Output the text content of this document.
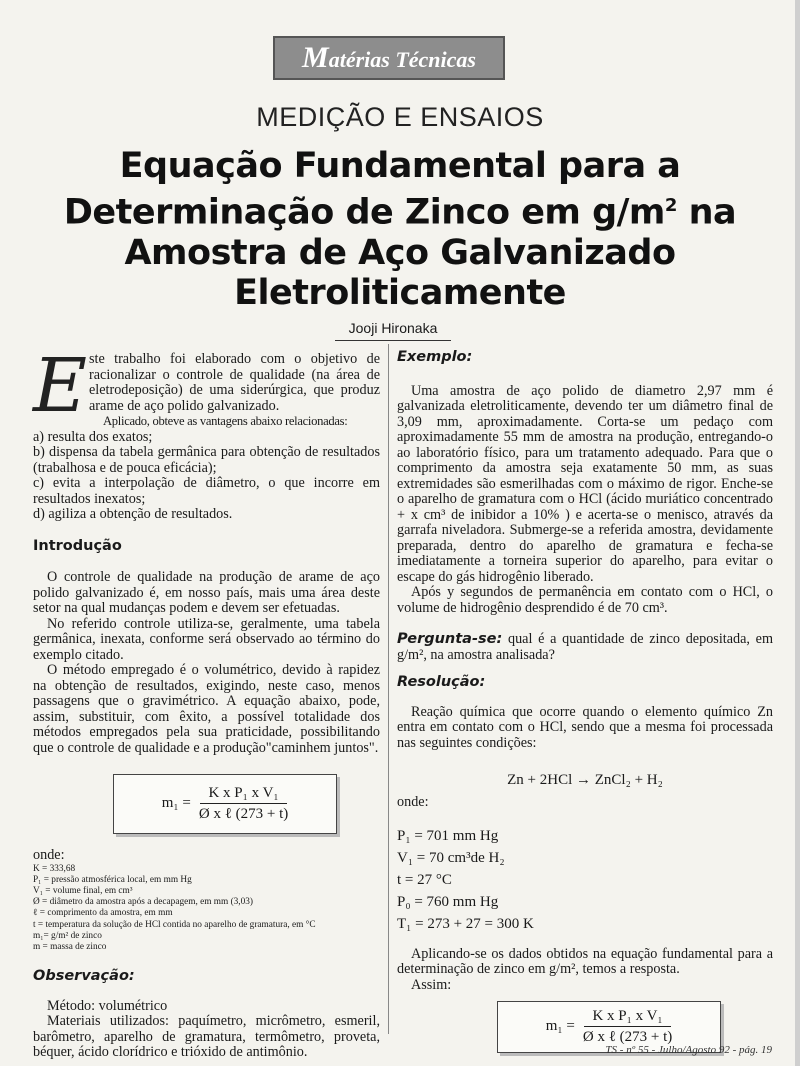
Matérias Técnicas
MEDIÇÃO E ENSAIOS
Equação Fundamental para a
Determinação de Zinco em $g/m^2$ na
Amostra de Aço Galvanizado
Eletroliticamente
Jooji Hironaka
E ste trabalho foi elaborado com o objetivo de racionalizar o controle de qualidade (na área de eletrodeposição) de uma siderúrgica, que produz arame de aço polido galvanizado.

Aplicado, obteve as vantagens abaixo relacionadas:

a) resulta dos exatos;

b) dispensa da tabela germânica para obtenção de resultados (trabalhosa e de pouca eficácia);

c) evita a interpolação de diâmetro, o que incorre em resultados inexatos;

d) agiliza a obtenção de resultados.

Introdução

O controle de qualidade na produção de arame de aço polido galvanizado é, em nosso país, mais uma área deste setor na qual mudanças podem e devem ser efetuadas.

No referido controle utiliza-se, geralmente, uma tabela germânica, inexata, conforme será observado ao término do exemplo citado.

O método empregado é o volumétrico, devido à rapidez na obtenção de resultados, exigindo, neste caso, menos passagens que o gravimétrico. A equação abaixo, pode, assim, substituir, com êxito, a possível totalidade dos métodos empregados pela sua praticidade, possibilitando que o controle de qualidade e a produção"caminhem juntos".

$m_1 = \frac{\text{K x P₁ x V₁}}{\text{Ø x ℓ (273 + t)}}$

onde:

K = 333,68
P₁ = pressão atmosférica local, em mm Hg
V₁ = volume final, em cm³
Ø = diâmetro da amostra após a decapagem, em mm (3,03)
ℓ = comprimento da amostra, em mm
t = temperatura da solução de HCl contida no aparelho de gramatura, em °C
m₁= g/m² de zinco
m = massa de zinco

Observação:

Método: volumétrico

Materiais utilizados: paquímetro, micrômetro, esmeril, barômetro, aparelho de gramatura, termômetro, proveta, béquer, ácido clorídrico e trióxido de antimônio.

Exemplo:

Uma amostra de aço polido de diametro 2,97 mm é galvanizada eletroliticamente, devendo ter um diâmetro final de 3,09 mm, aproximadamente. Corta-se um pedaço com aproximadamente 55 mm de amostra na produção, entregando-o ao laboratório físico, para um tratamento adequado. Para que o comprimento da amostra seja exatamente 50 mm, as suas extremidades são esmerilhadas com o máximo de rigor. Enche-se o aparelho de gramatura com o HCl (ácido muriático concentrado + x cm³ de inibidor a 10% ) e acerta-se o menisco, através da garrafa niveladora. Submerge-se a referida amostra, devidamente preparada, dentro do aparelho de gramatura e fecha-se imediatamente a torneira superior do aparelho, para evitar o escape do gás hidrogênio liberado.

Após y segundos de permanência em contato com o HCl, o volume de hidrogênio desprendido é de 70 cm³.

Pergunta-se: qual é a quantidade de zinco depositada, em g/m², na amostra analisada?

Resolução:

Reação química que ocorre quando o elemento químico Zn entra em contato com o HCl, sendo que a mesma foi processada nas seguintes condições:

Zn + 2HCl → ZnCl₂ + H₂

onde:

P₁ = 701 mm Hg
V₁ = 70 cm³de H₂
t = 27 °C
P₀ = 760 mm Hg
T₁ = 273 + 27 = 300 K

Aplicando-se os dados obtidos na equação fundamental para a determinação de zinco em g/m², temos a resposta.

Assim:

$m_1 = \frac{\text{K x P₁ x V₁}}{\text{Ø x ℓ (273 + t)}}$
TS - nº 55 - Julho/Agosto 92 - pág. 19
